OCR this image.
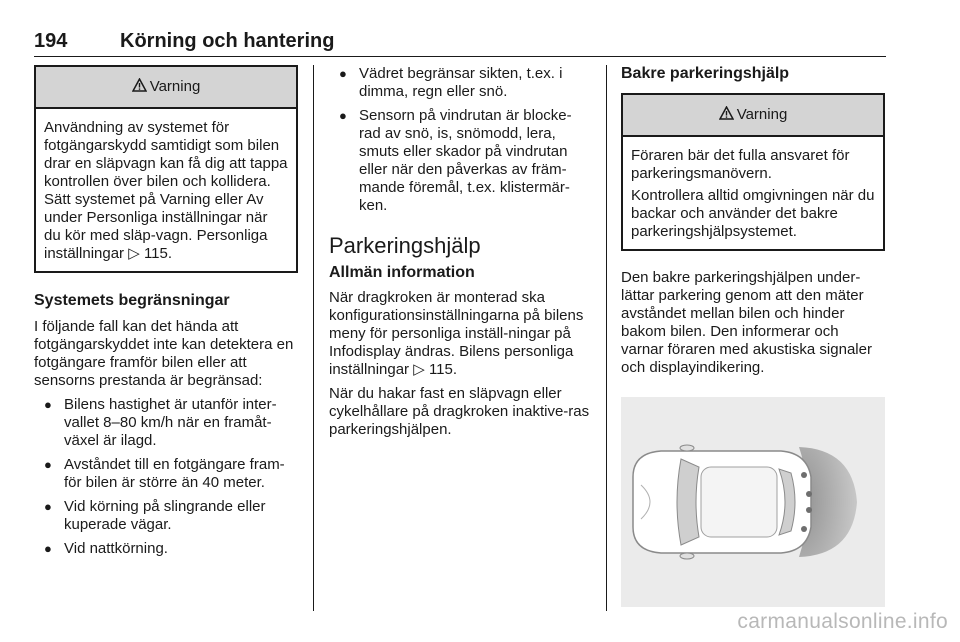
194	Körning och hantering
Varning

Användning av systemet för fotgängarskydd samtidigt som bilen drar en släpvagn kan få dig att tappa kontrollen över bilen och kollidera. Sätt systemet på Varning eller Av under Personliga inställningar när du kör med släp-vagn. Personliga inställningar ▷ 115.

Systemets begränsningar

I följande fall kan det hända att fotgängarskyddet inte kan detektera en fotgängare framför bilen eller att sensorns prestanda är begränsad:

● Bilens hastighet är utanför inter-vallet 8–80 km/h när en framåt-växel är ilagd.
● Avståndet till en fotgängare fram-för bilen är större än 40 meter.
● Vid körning på slingrande eller kuperade vägar.
● Vid nattkörning.
● Vädret begränsar sikten, t.ex. i dimma, regn eller snö.
● Sensorn på vindrutan är blocke-rad av snö, is, snömodd, lera, smuts eller skador på vindrutan eller när den påverkas av främ-mande föremål, t.ex. klistermär-ken.
Parkeringshjälp
Allmän information

När dragkroken är monterad ska konfigurationsinställningarna på bilens meny för personliga inställ-ningar på Infodisplay ändras. Bilens personliga inställningar ▷ 115.

När du hakar fast en släpvagn eller cykelhållare på dragkroken inaktive-ras parkeringshjälpen.

Bakre parkeringshjälp
Varning

Föraren bär det fulla ansvaret för parkeringsmanövern.

Kontrollera alltid omgivningen när du backar och använder det bakre parkeringshjälpsystemet.

Den bakre parkeringshjälpen under-lättar parkering genom att den mäter avståndet mellan bilen och hinder bakom bilen. Den informerar och varnar föraren med akustiska signaler och displayindikering.

carmanualsonline.info
